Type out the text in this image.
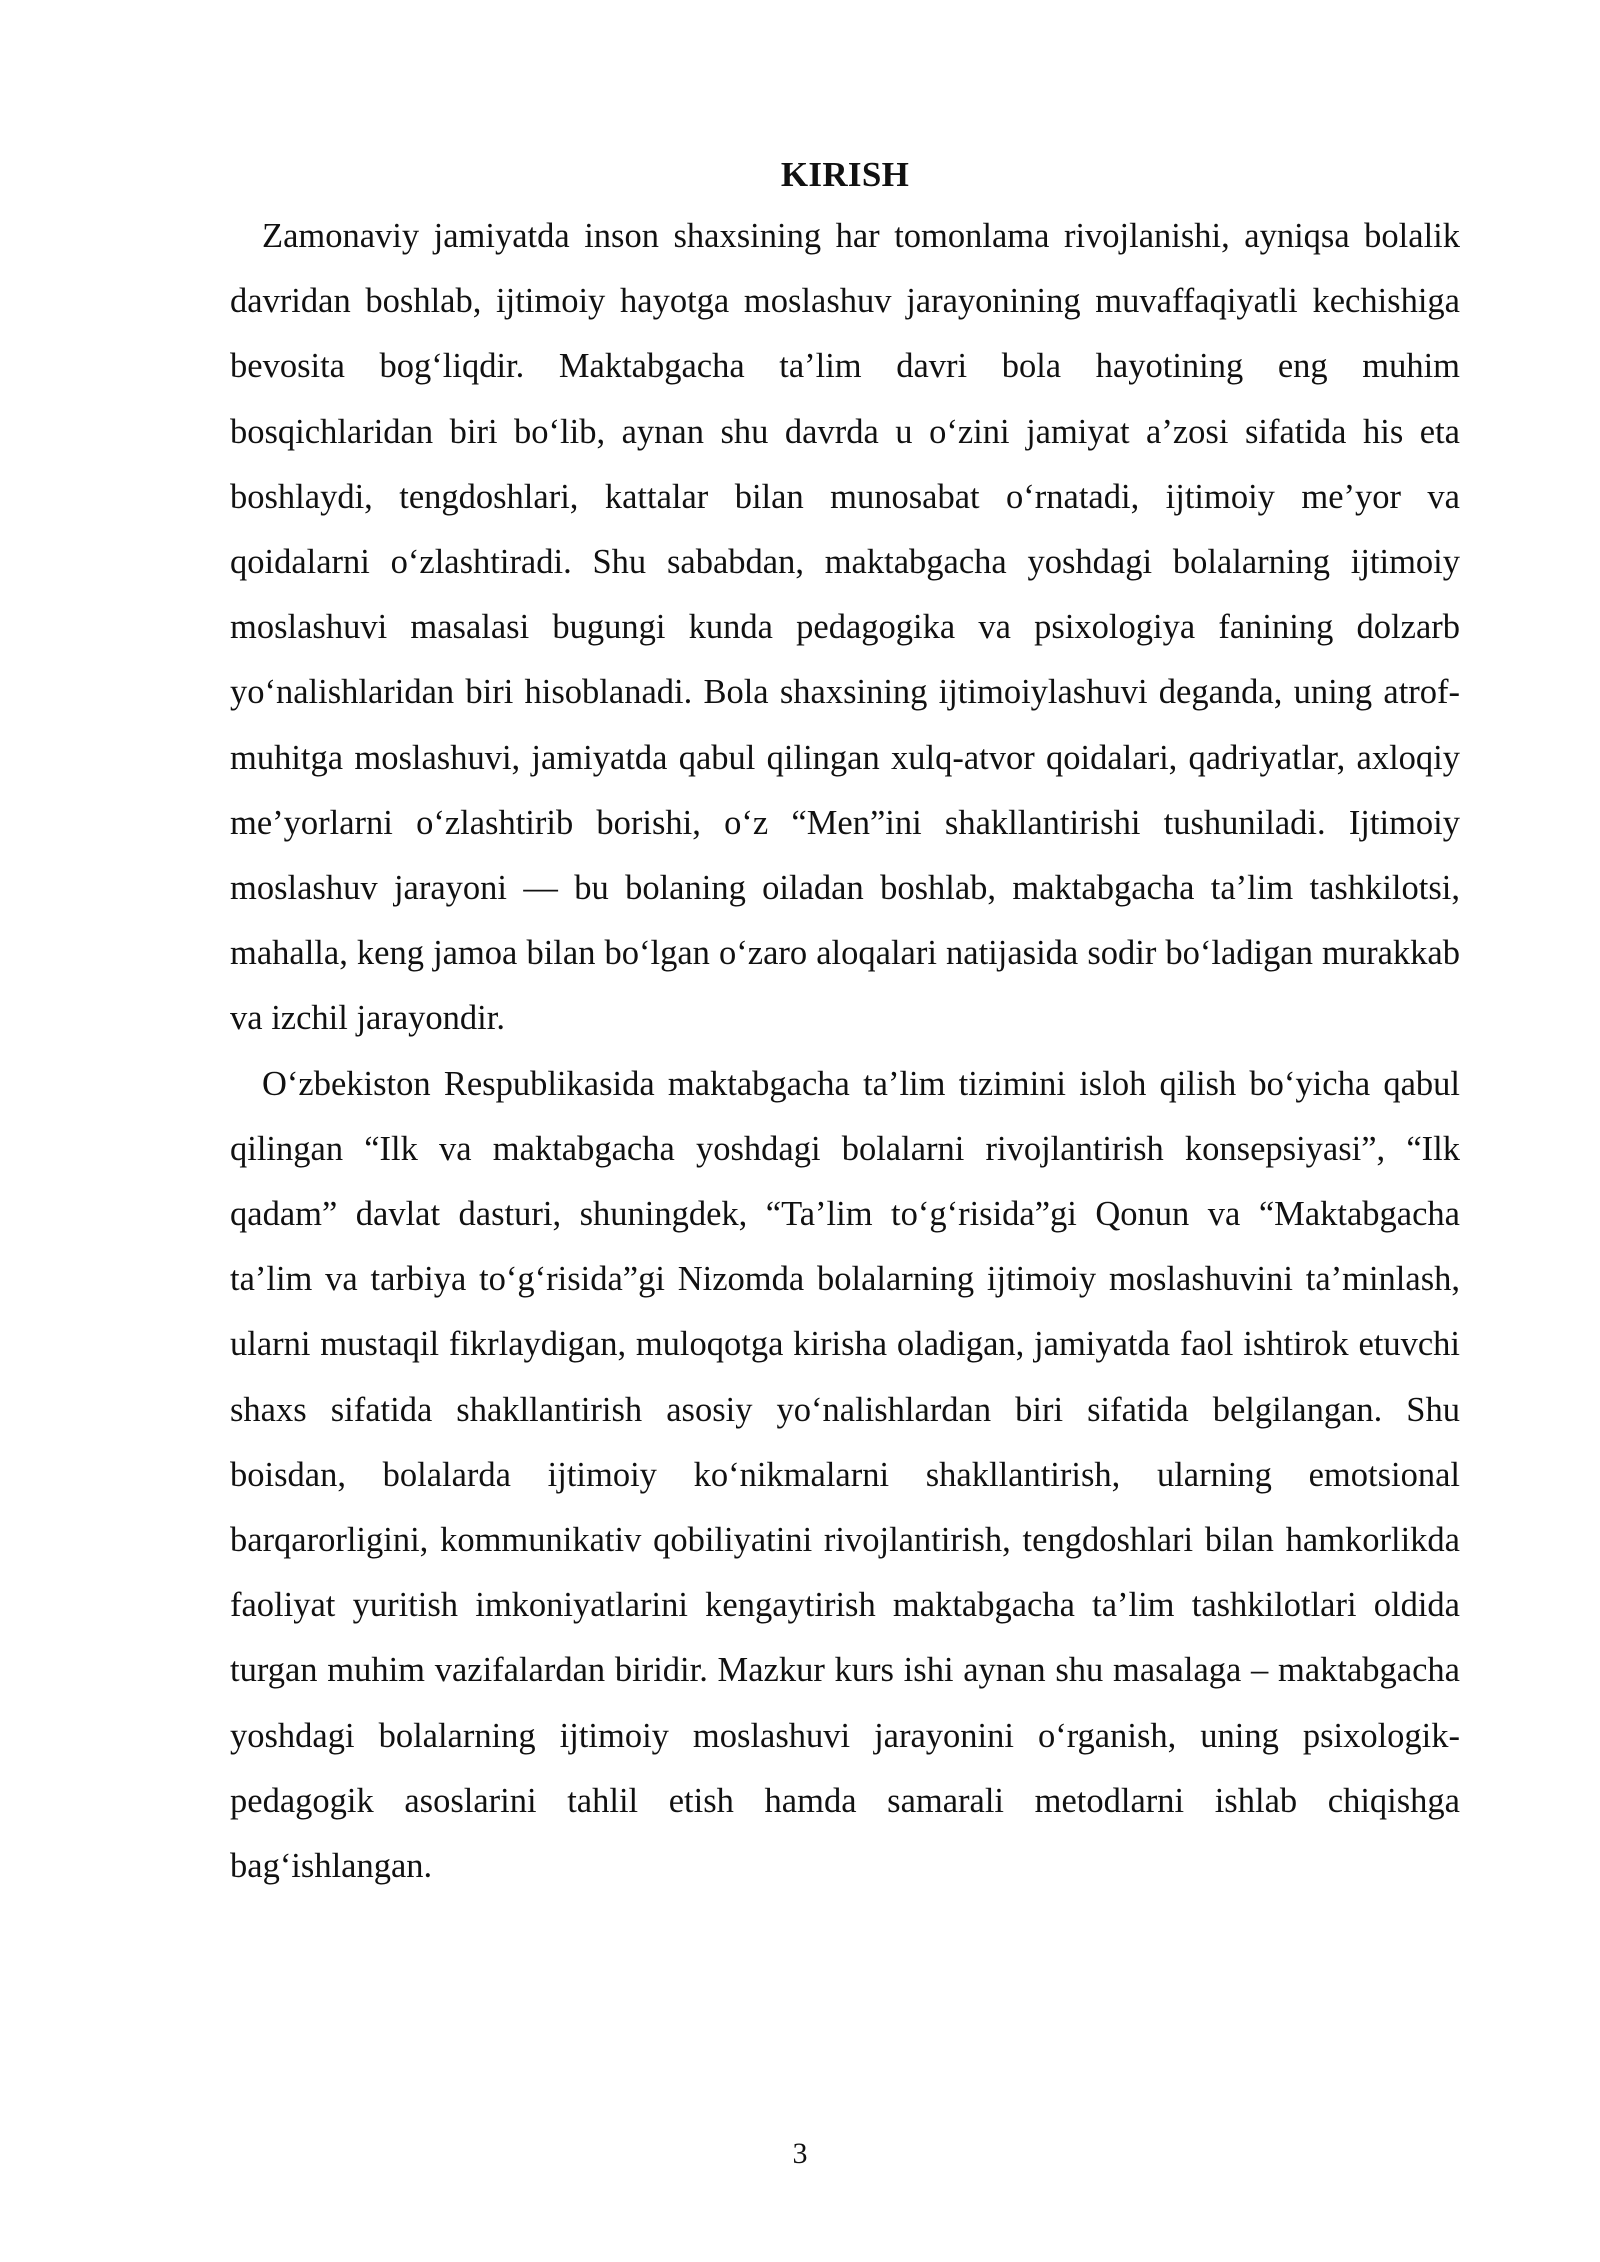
KIRISH

Zamonaviy jamiyatda inson shaxsining har tomonlama rivojlanishi, ayniqsa bolalik davridan boshlab, ijtimoiy hayotga moslashuv jarayonining muvaffaqiyatli kechishiga bevosita bog‘liqdir. Maktabgacha ta’lim davri bola hayotining eng muhim bosqichlaridan biri bo‘lib, aynan shu davrda u o‘zini jamiyat a’zosi sifatida his eta boshlaydi, tengdoshlari, kattalar bilan munosabat o‘rnatadi, ijtimoiy me’yor va qoidalarni o‘zlashtiradi. Shu sababdan, maktabgacha yoshdagi bolalarning ijtimoiy moslashuvi masalasi bugungi kunda pedagogika va psixologiya fanining dolzarb yo‘nalishlaridan biri hisoblanadi. Bola shaxsining ijtimoiylashuvi deganda, uning atrof-muhitga moslashuvi, jamiyatda qabul qilingan xulq-atvor qoidalari, qadriyatlar, axloqiy me’yorlarni o‘zlashtirib borishi, o‘z “Men”ini shakllantirishi tushuniladi. Ijtimoiy moslashuv jarayoni — bu bolaning oiladan boshlab, maktabgacha ta’lim tashkilotsi, mahalla, keng jamoa bilan bo‘lgan o‘zaro aloqalari natijasida sodir bo‘ladigan murakkab va izchil jarayondir.

O‘zbekiston Respublikasida maktabgacha ta’lim tizimini isloh qilish bo‘yicha qabul qilingan “Ilk va maktabgacha yoshdagi bolalarni rivojlantirish konsepsiyasi”, “Ilk qadam” davlat dasturi, shuningdek, “Ta’lim to‘g‘risida”gi Qonun va “Maktabgacha ta’lim va tarbiya to‘g‘risida”gi Nizomda bolalarning ijtimoiy moslashuvini ta’minlash, ularni mustaqil fikrlaydigan, muloqotga kirisha oladigan, jamiyatda faol ishtirok etuvchi shaxs sifatida shakllantirish asosiy yo‘nalishlardan biri sifatida belgilangan. Shu boisdan, bolalarda ijtimoiy ko‘nikmalarni shakllantirish, ularning emotsional barqarorligini, kommunikativ qobiliyatini rivojlantirish, tengdoshlari bilan hamkorlikda faoliyat yuritish imkoniyatlarini kengaytirish maktabgacha ta’lim tashkilotlari oldida turgan muhim vazifalardan biridir. Mazkur kurs ishi aynan shu masalaga – maktabgacha yoshdagi bolalarning ijtimoiy moslashuvi jarayonini o‘rganish, uning psixologik-pedagogik asoslarini tahlil etish hamda samarali metodlarni ishlab chiqishga bag‘ishlangan.

3
